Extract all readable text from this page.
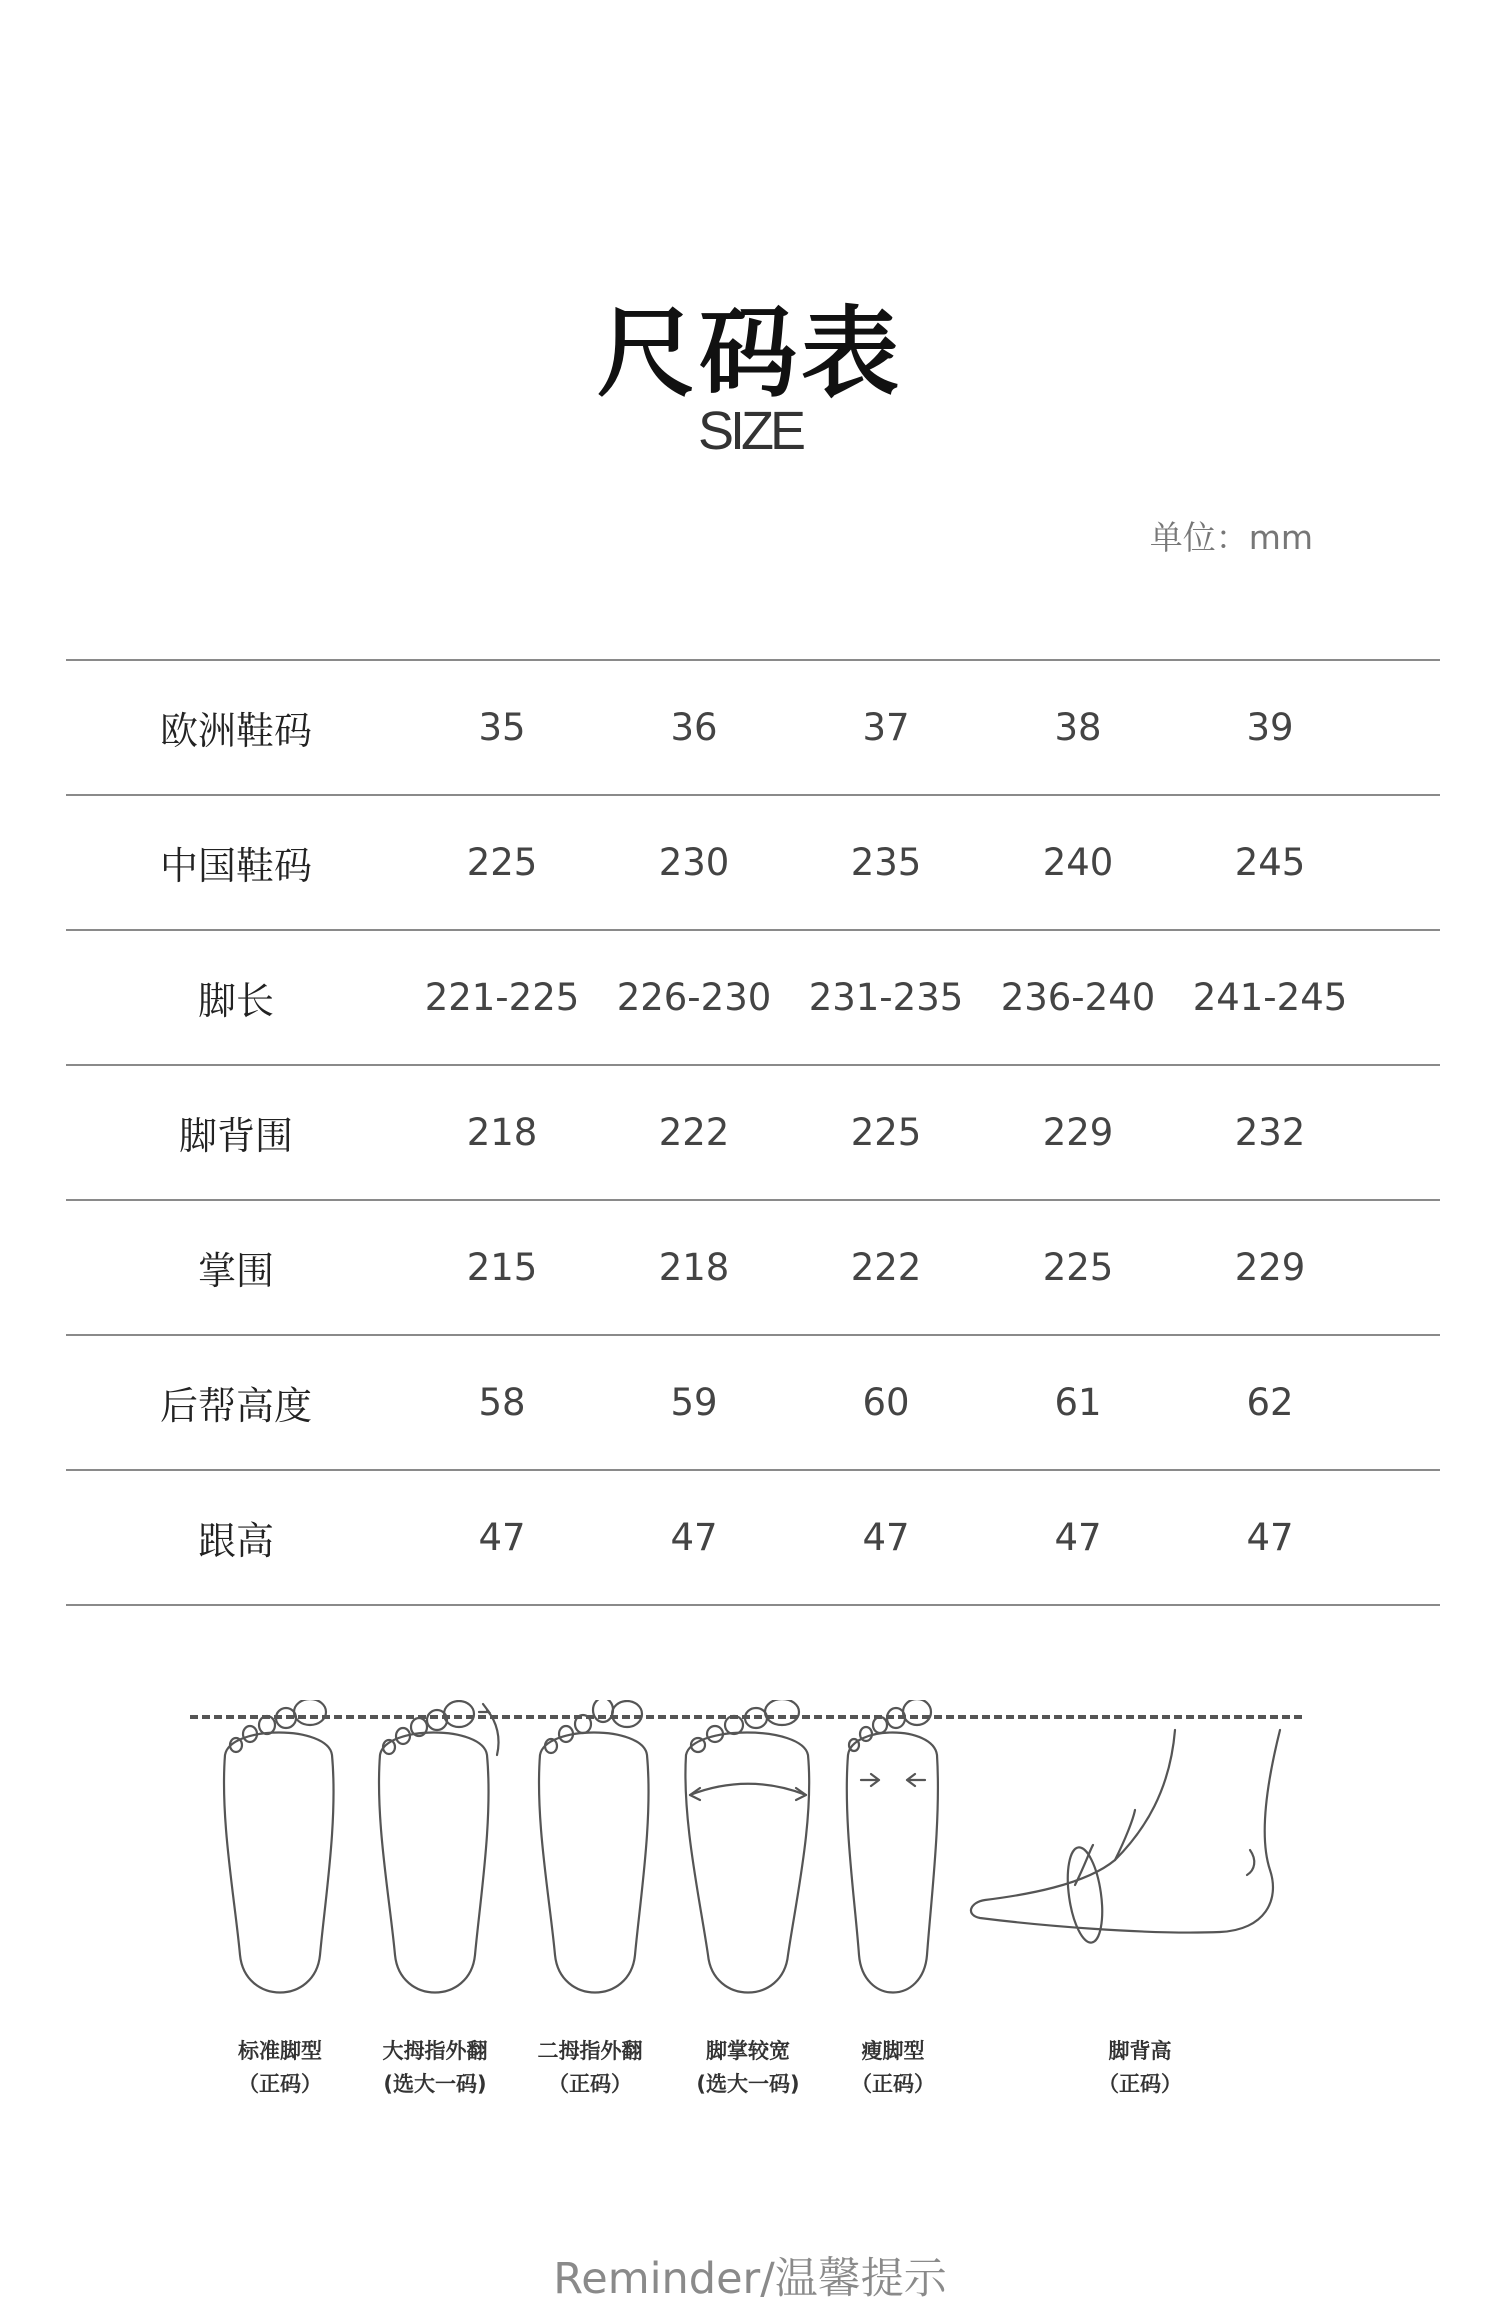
尺码表
SIZE
单位：mm
欧洲鞋码	35	36	37	38	39	
中国鞋码	225	230	235	240	245	
脚长	221-225	226-230	231-235	236-240	241-245	
脚背围	218	222	225	229	232	
掌围	215	218	222	225	229	
后帮高度	58	59	60	61	62	
跟高	47	47	47	47	47	
标准脚型
（正码）
大拇指外翻
(选大一码)
二拇指外翻
（正码）
脚掌较宽
(选大一码)
瘦脚型
（正码）
脚背高
（正码）
Reminder/温馨提示
